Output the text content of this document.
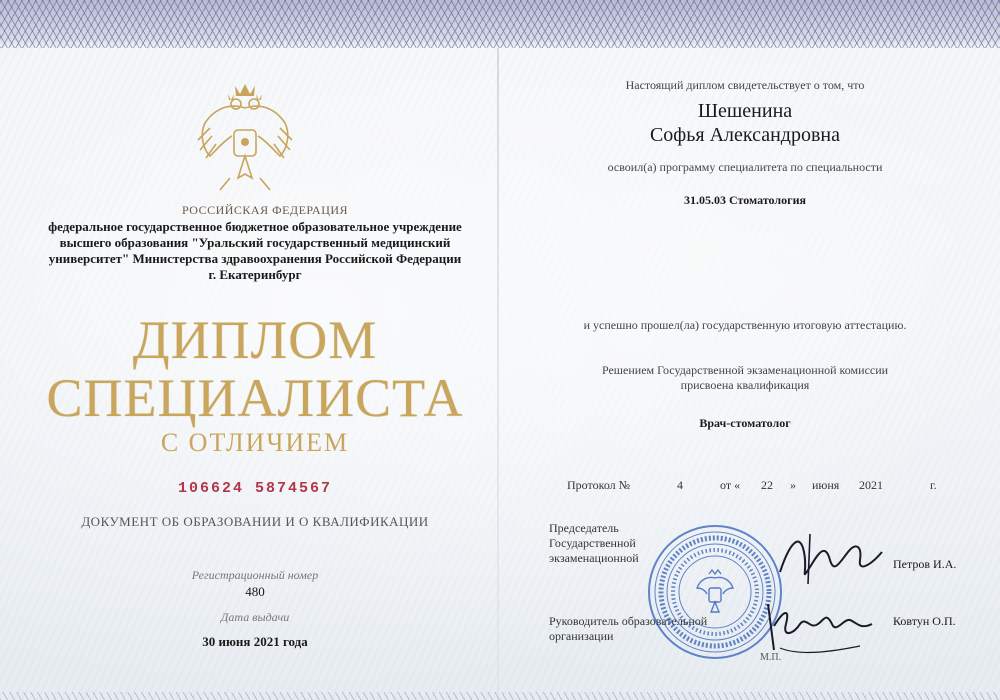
РОССИЙСКАЯ ФЕДЕРАЦИЯ
федеральное государственное бюджетное образовательное учреждение
высшего образования "Уральский государственный медицинский
университет" Министерства здравоохранения Российской Федерации
г. Екатеринбург
ДИПЛОМ
СПЕЦИАЛИСТА
С ОТЛИЧИЕМ
106624 5874567
ДОКУМЕНТ ОБ ОБРАЗОВАНИИ И О КВАЛИФИКАЦИИ
Регистрационный номер
480
Дата выдачи
30 июня 2021 года
Настоящий диплом свидетельствует о том, что
Шешенина
Софья Александровна
освоил(а) программу специалитета по специальности
31.05.03 Стоматология
и успешно прошел(ла) государственную итоговую аттестацию.
Решением Государственной экзаменационной комиссии
присвоена квалификация
Врач-стоматолог
Протокол №	4	от « 22 » июня 2021	г.
Председатель
Государственной
экзаменационной	Петров И.А.
Руководитель образовательной
организации
Ковтун О.П.
М.П.
